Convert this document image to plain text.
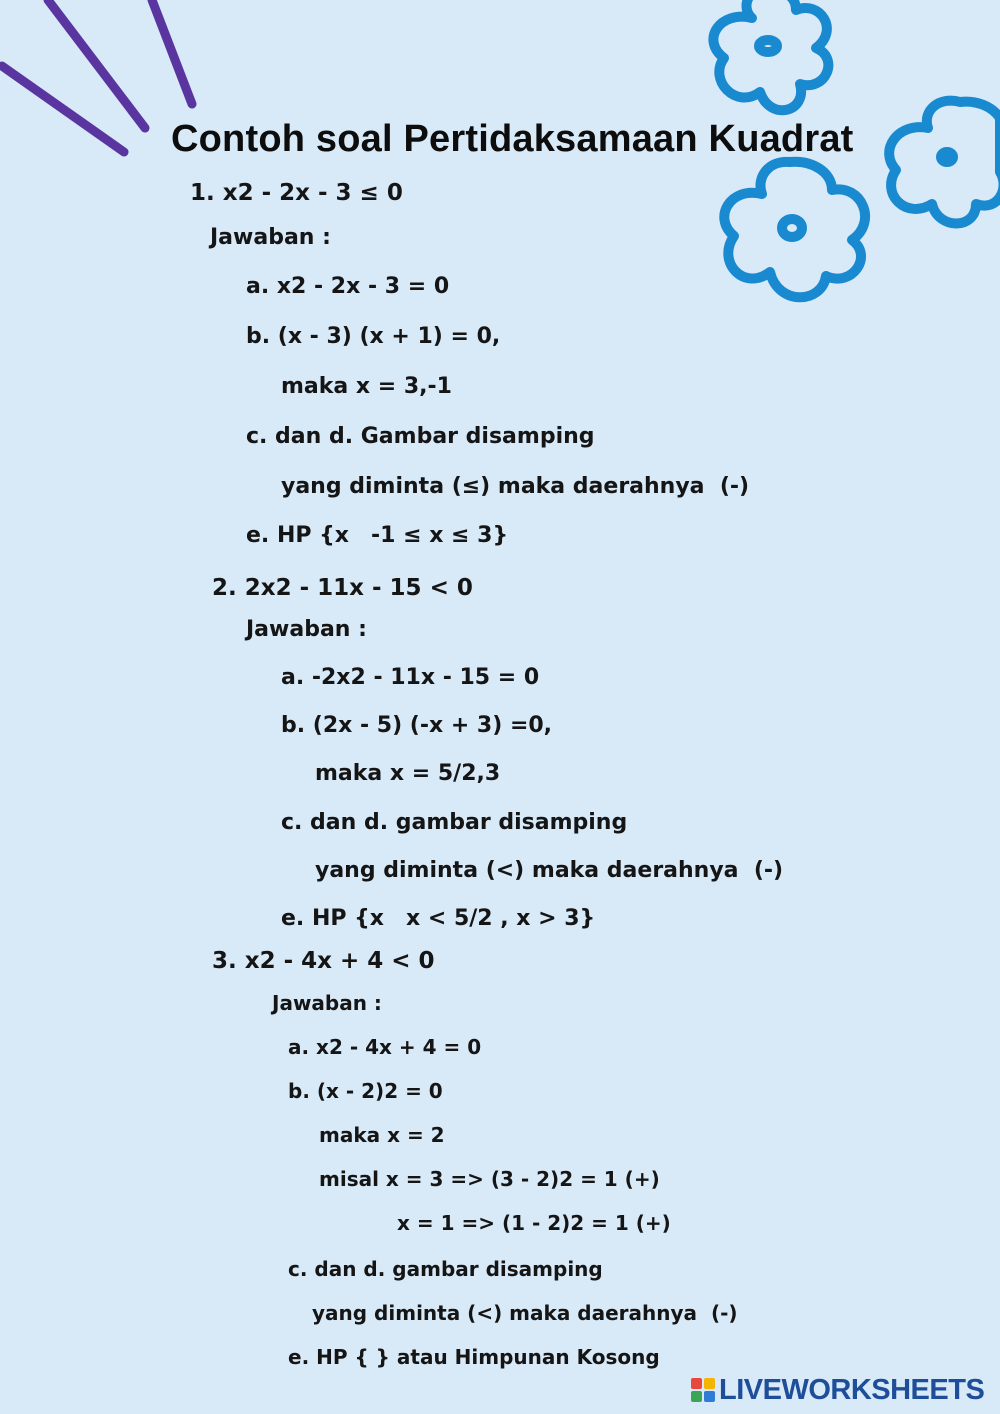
Contoh soal Pertidaksamaan Kuadrat
1. x2 - 2x - 3 ≤ 0
Jawaban :
a. x2 - 2x - 3 = 0
b. (x - 3) (x + 1) = 0,
maka x = 3,-1
c. dan d. Gambar disamping
yang diminta (≤) maka daerahnya  (-)
e. HP {x -1 ≤ x ≤ 3}
2. 2x2 - 11x - 15 < 0
Jawaban :
a. -2x2 - 11x - 15 = 0
b. (2x - 5) (-x + 3) =0,
maka x = 5/2,3
c. dan d. gambar disamping
yang diminta (<) maka daerahnya  (-)
e. HP {x x < 5/2 , x > 3}
3. x2 - 4x + 4 < 0
Jawaban :
a. x2 - 4x + 4 = 0
b. (x - 2)2 = 0
maka x = 2
misal x = 3 => (3 - 2)2 = 1 (+)
x = 1 => (1 - 2)2 = 1 (+)
c. dan d. gambar disamping
yang diminta (<) maka daerahnya  (-)
e. HP { } atau Himpunan Kosong
LIVEWORKSHEETS
